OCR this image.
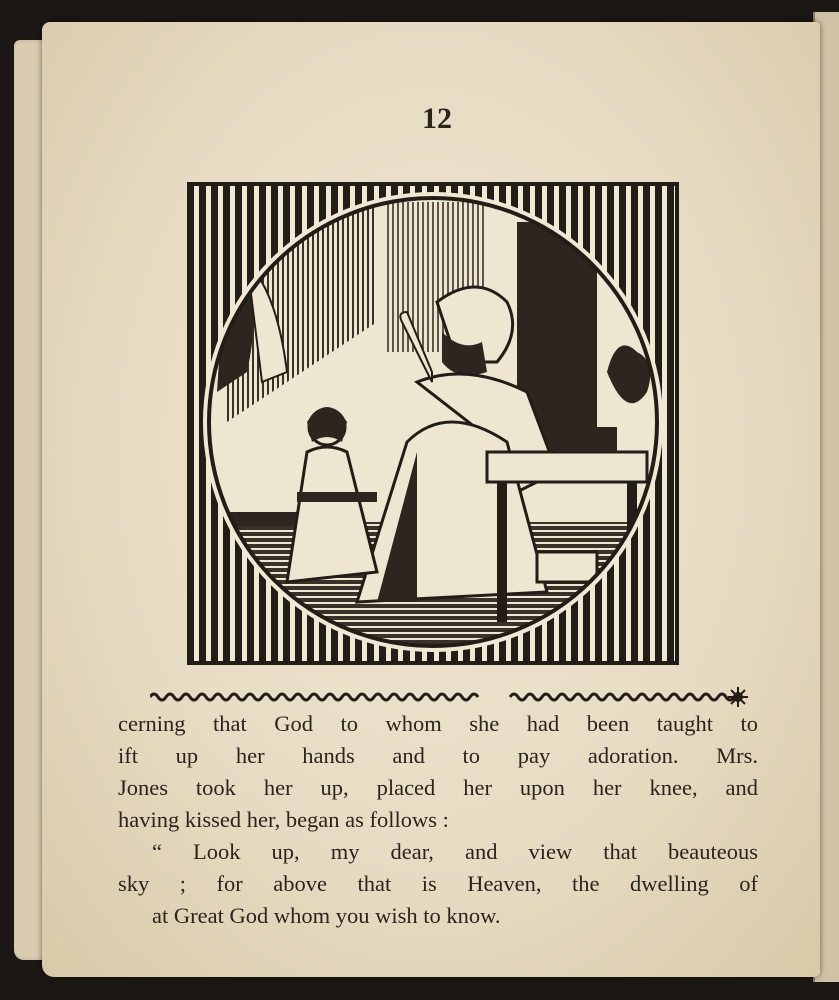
12
cerning that God to whom she had been taught to
ift up her hands and to pay adoration. Mrs.
Jones took her up, placed her upon her knee, and
having kissed her, began as follows :
“ Look up, my dear, and view that beauteous
sky ; for above that is Heaven, the dwelling of
at Great God whom you wish to know.
